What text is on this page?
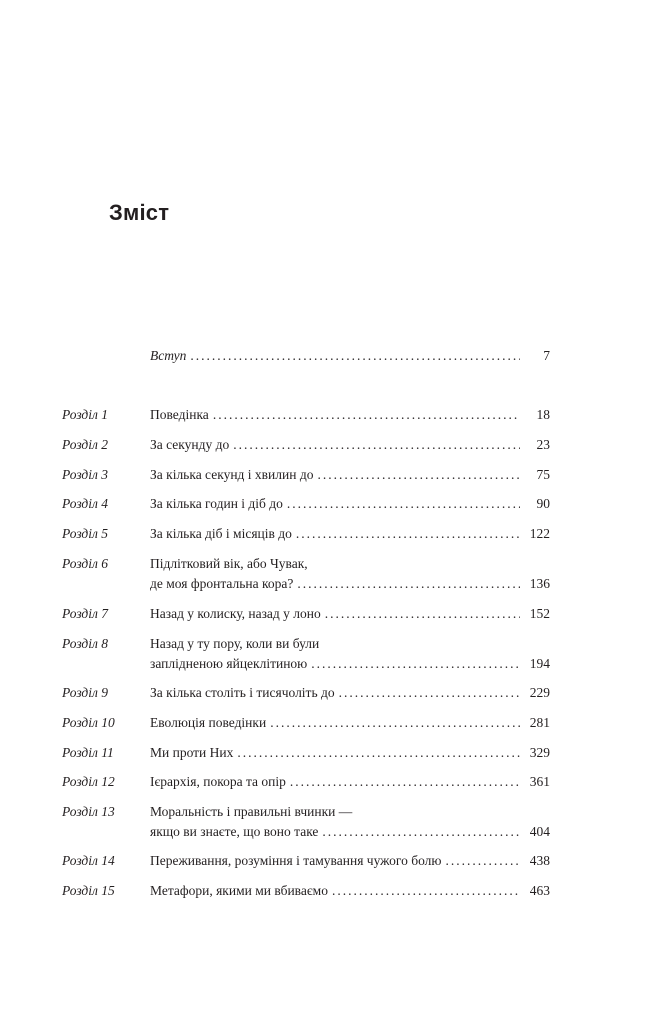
Зміст
Вступ .....	7
Розділ 1	Поведінка .....	18
Розділ 2	За секунду до .....	23
Розділ 3	За кілька секунд і хвилин до .....	75
Розділ 4	За кілька годин і діб до .....	90
Розділ 5	За кілька діб і місяців до .....	122
Розділ 6	Підлітковий вік, або Чувак,
де моя фронтальна кора? .....	136
Розділ 7	Назад у колиску, назад у лоно .....	152
Розділ 8	Назад у ту пору, коли ви були
заплідненою яйцеклітиною .....	194
Розділ 9	За кілька століть і тисячоліть до .....	229
Розділ 10	Еволюція поведінки .....	281
Розділ 11	Ми проти Них .....	329
Розділ 12	Ієрархія, покора та опір .....	361
Розділ 13	Моральність і правильні вчинки —
якщо ви знаєте, що воно таке .....	404
Розділ 14	Переживання, розуміння і тамування чужого болю .....	438
Розділ 15	Метафори, якими ми вбиваємо .....	463
